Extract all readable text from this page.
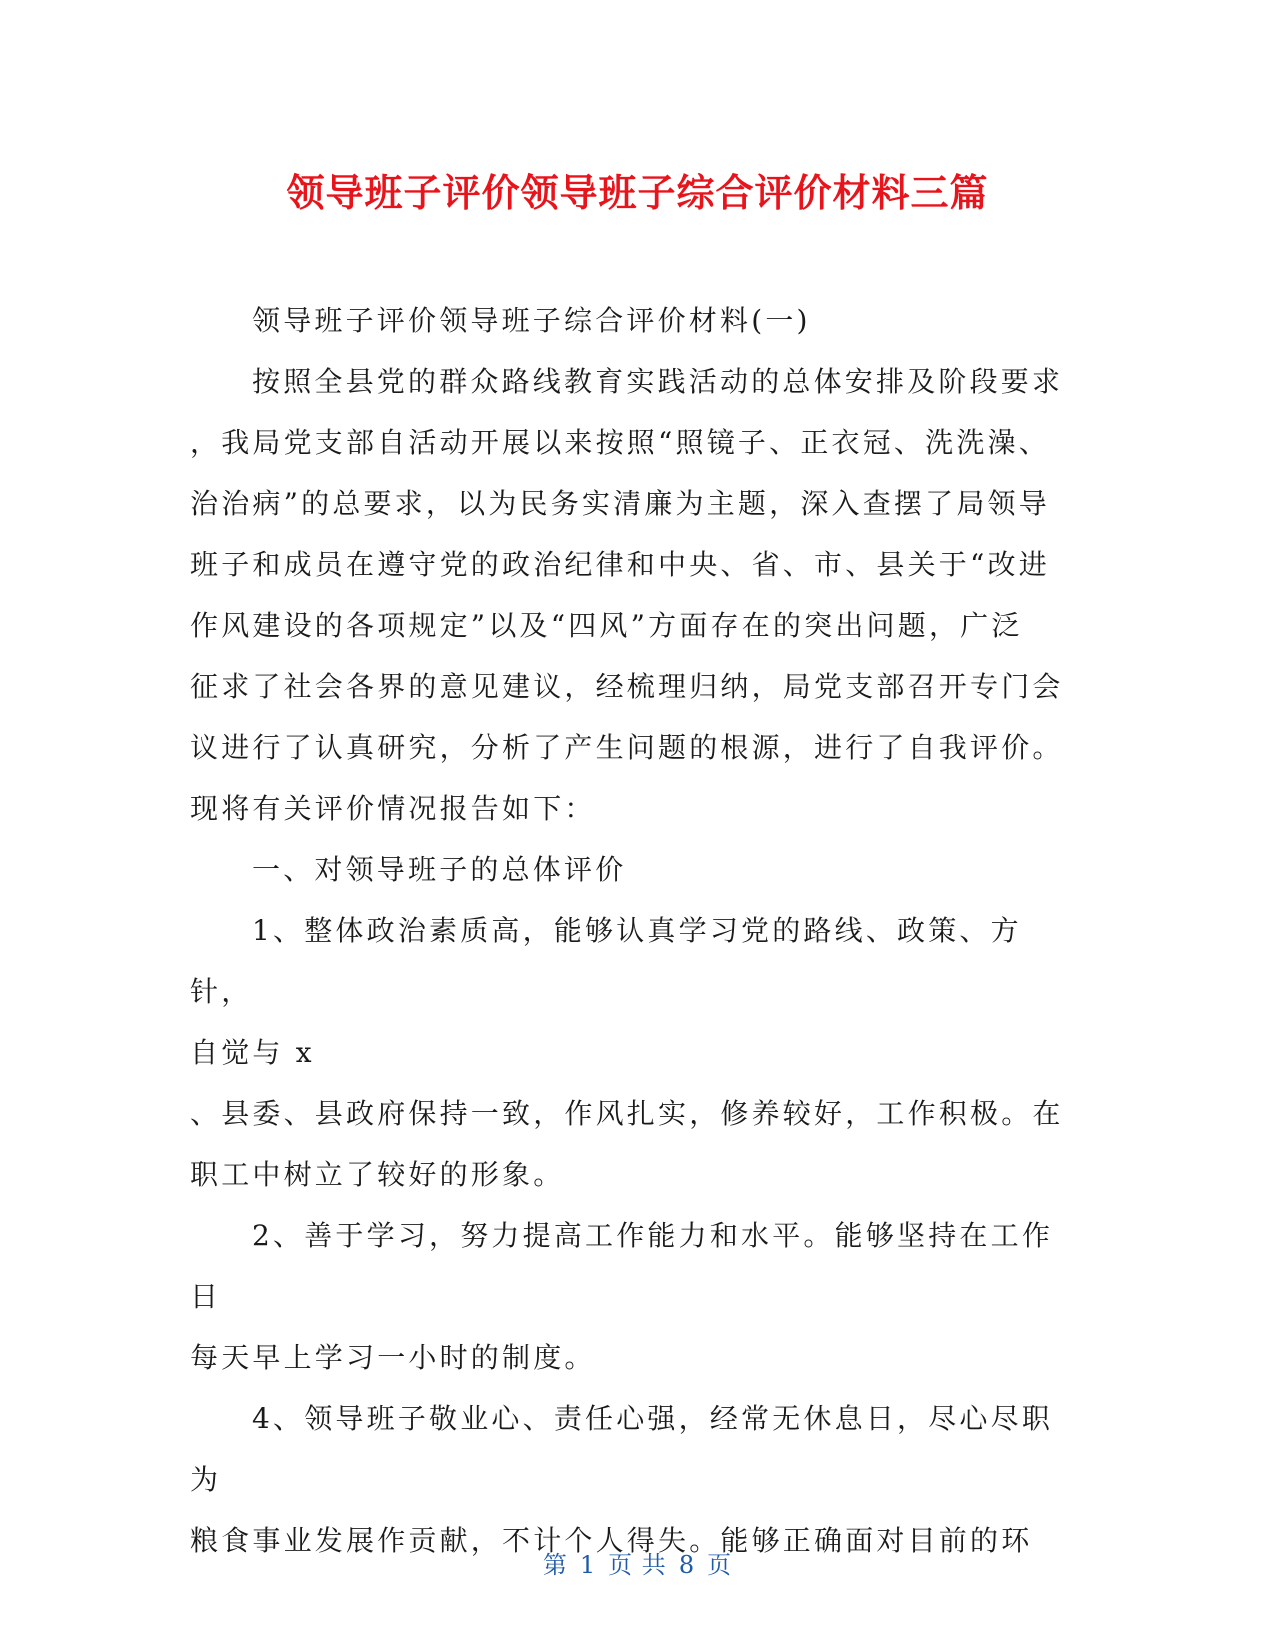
领导班子评价领导班子综合评价材料三篇

领导班子评价领导班子综合评价材料(一)

按照全县党的群众路线教育实践活动的总体安排及阶段要求

，我局党支部自活动开展以来按照“照镜子、正衣冠、洗洗澡、

治治病”的总要求，以为民务实清廉为主题，深入查摆了局领导

班子和成员在遵守党的政治纪律和中央、省、市、县关于“改进

作风建设的各项规定”以及“四风”方面存在的突出问题，广泛

征求了社会各界的意见建议，经梳理归纳，局党支部召开专门会

议进行了认真研究，分析了产生问题的根源，进行了自我评价。

现将有关评价情况报告如下：

一、对领导班子的总体评价

1、整体政治素质高，能够认真学习党的路线、政策、方针，

自觉与 x

、县委、县政府保持一致，作风扎实，修养较好，工作积极。在

职工中树立了较好的形象。

2、善于学习，努力提高工作能力和水平。能够坚持在工作日

每天早上学习一小时的制度。

4、领导班子敬业心、责任心强，经常无休息日，尽心尽职为

粮食事业发展作贡献，不计个人得失。能够正确面对目前的环

第 1 页 共 8 页
